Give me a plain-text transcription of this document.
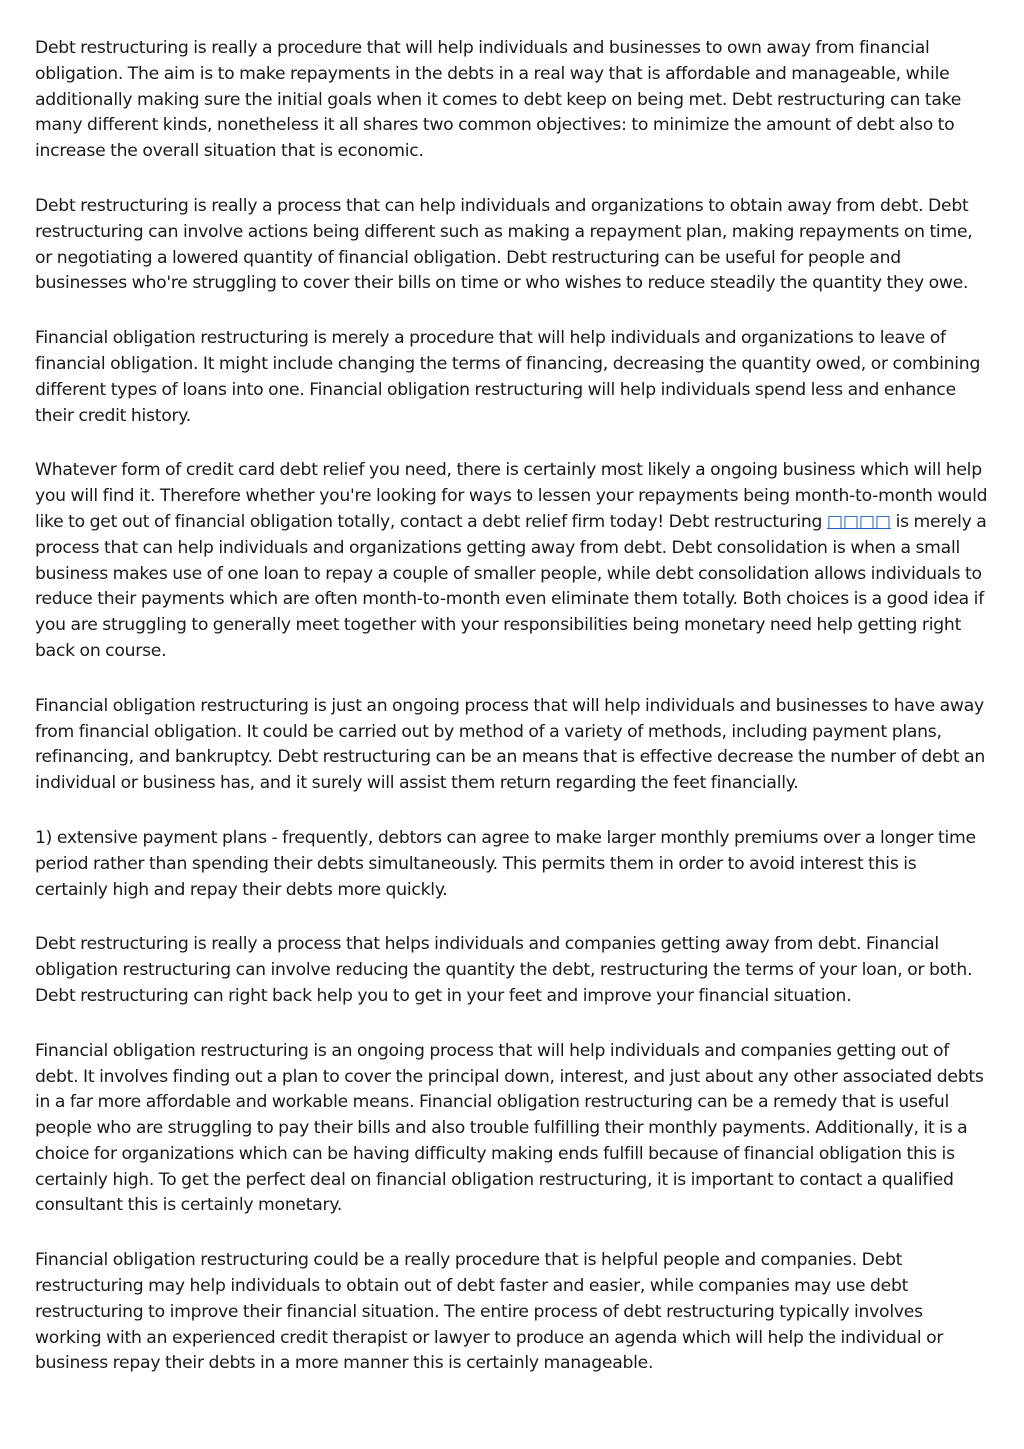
Debt restructuring is really a procedure that will help individuals and businesses to own away from financial obligation. The aim is to make repayments in the debts in a real way that is affordable and manageable, while additionally making sure the initial goals when it comes to debt keep on being met. Debt restructuring can take many different kinds, nonetheless it all shares two common objectives: to minimize the amount of debt also to increase the overall situation that is economic.

Debt restructuring is really a process that can help individuals and organizations to obtain away from debt. Debt restructuring can involve actions being different such as making a repayment plan, making repayments on time, or negotiating a lowered quantity of financial obligation. Debt restructuring can be useful for people and businesses who're struggling to cover their bills on time or who wishes to reduce steadily the quantity they owe.

Financial obligation restructuring is merely a procedure that will help individuals and organizations to leave of financial obligation. It might include changing the terms of financing, decreasing the quantity owed, or combining different types of loans into one. Financial obligation restructuring will help individuals spend less and enhance their credit history.

Whatever form of credit card debt relief you need, there is certainly most likely a ongoing business which will help you will find it. Therefore whether you're looking for ways to lessen your repayments being month-to-month would like to get out of financial obligation totally, contact a debt relief firm today! Debt restructuring □□□□ is merely a process that can help individuals and organizations getting away from debt. Debt consolidation is when a small business makes use of one loan to repay a couple of smaller people, while debt consolidation allows individuals to reduce their payments which are often month-to-month even eliminate them totally. Both choices is a good idea if you are struggling to generally meet together with your responsibilities being monetary need help getting right back on course.

Financial obligation restructuring is just an ongoing process that will help individuals and businesses to have away from financial obligation. It could be carried out by method of a variety of methods, including payment plans, refinancing, and bankruptcy. Debt restructuring can be an means that is effective decrease the number of debt an individual or business has, and it surely will assist them return regarding the feet financially.

1) extensive payment plans - frequently, debtors can agree to make larger monthly premiums over a longer time period rather than spending their debts simultaneously. This permits them in order to avoid interest this is certainly high and repay their debts more quickly.

Debt restructuring is really a process that helps individuals and companies getting away from debt. Financial obligation restructuring can involve reducing the quantity the debt, restructuring the terms of your loan, or both. Debt restructuring can right back help you to get in your feet and improve your financial situation.

Financial obligation restructuring is an ongoing process that will help individuals and companies getting out of debt. It involves finding out a plan to cover the principal down, interest, and just about any other associated debts in a far more affordable and workable means. Financial obligation restructuring can be a remedy that is useful people who are struggling to pay their bills and also trouble fulfilling their monthly payments. Additionally, it is a choice for organizations which can be having difficulty making ends fulfill because of financial obligation this is certainly high. To get the perfect deal on financial obligation restructuring, it is important to contact a qualified consultant this is certainly monetary.

Financial obligation restructuring could be a really procedure that is helpful people and companies. Debt restructuring may help individuals to obtain out of debt faster and easier, while companies may use debt restructuring to improve their financial situation. The entire process of debt restructuring typically involves working with an experienced credit therapist or lawyer to produce an agenda which will help the individual or business repay their debts in a more manner this is certainly manageable.
